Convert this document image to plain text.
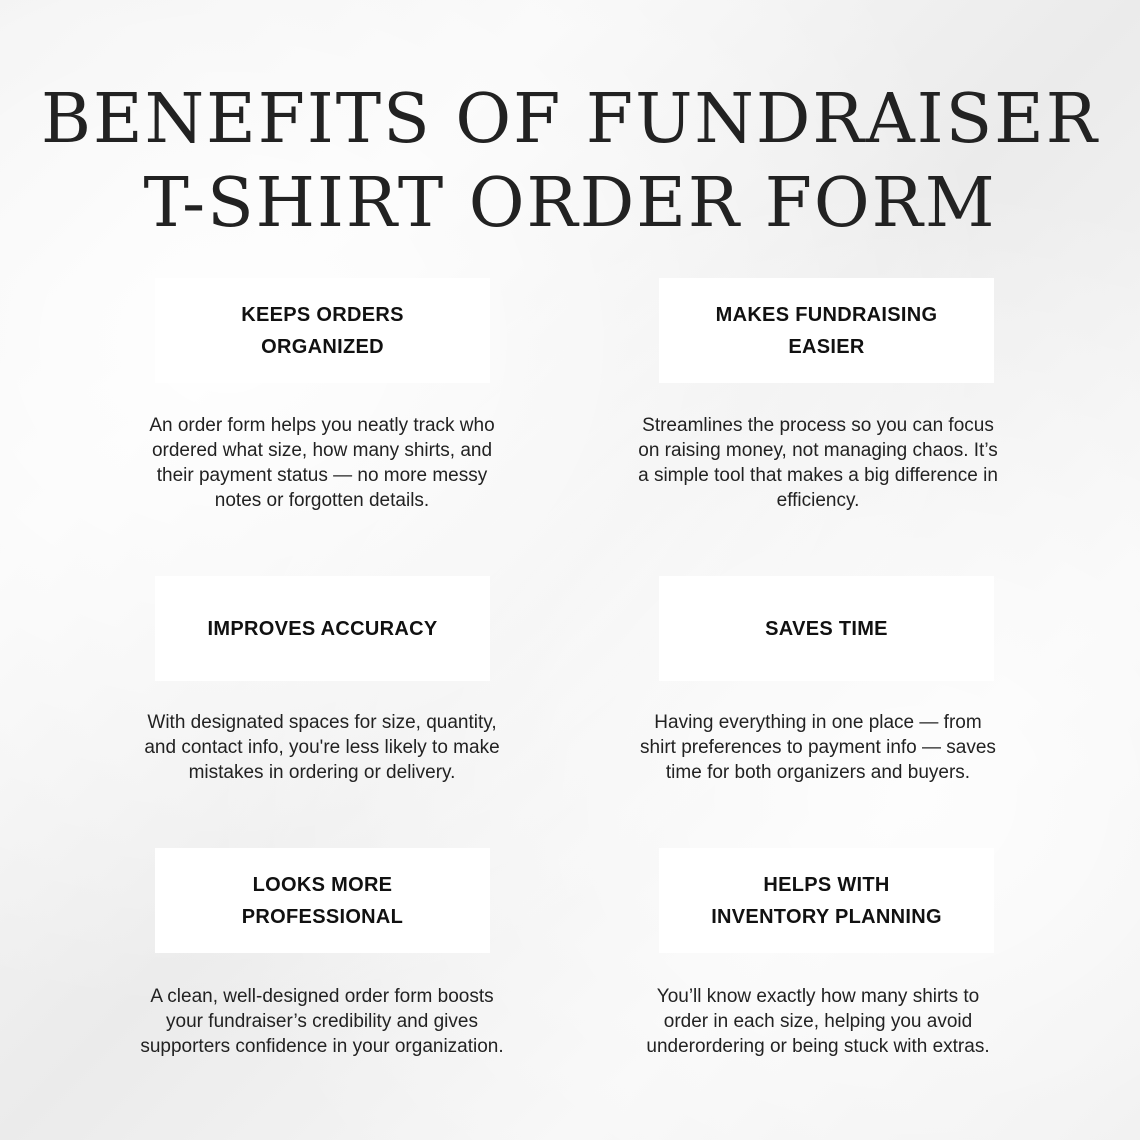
BENEFITS OF FUNDRAISER
T-SHIRT ORDER FORM
KEEPS ORDERS
ORGANIZED
An order form helps you neatly track who
ordered what size, how many shirts, and
their payment status — no more messy
notes or forgotten details.
MAKES FUNDRAISING
EASIER
Streamlines the process so you can focus
on raising money, not managing chaos. It’s
a simple tool that makes a big difference in
efficiency.
IMPROVES ACCURACY
With designated spaces for size, quantity,
and contact info, you're less likely to make
mistakes in ordering or delivery.
SAVES TIME
Having everything in one place — from
shirt preferences to payment info — saves
time for both organizers and buyers.
LOOKS MORE
PROFESSIONAL
A clean, well-designed order form boosts
your fundraiser’s credibility and gives
supporters confidence in your organization.
HELPS WITH
INVENTORY PLANNING
You’ll know exactly how many shirts to
order in each size, helping you avoid
underordering or being stuck with extras.
